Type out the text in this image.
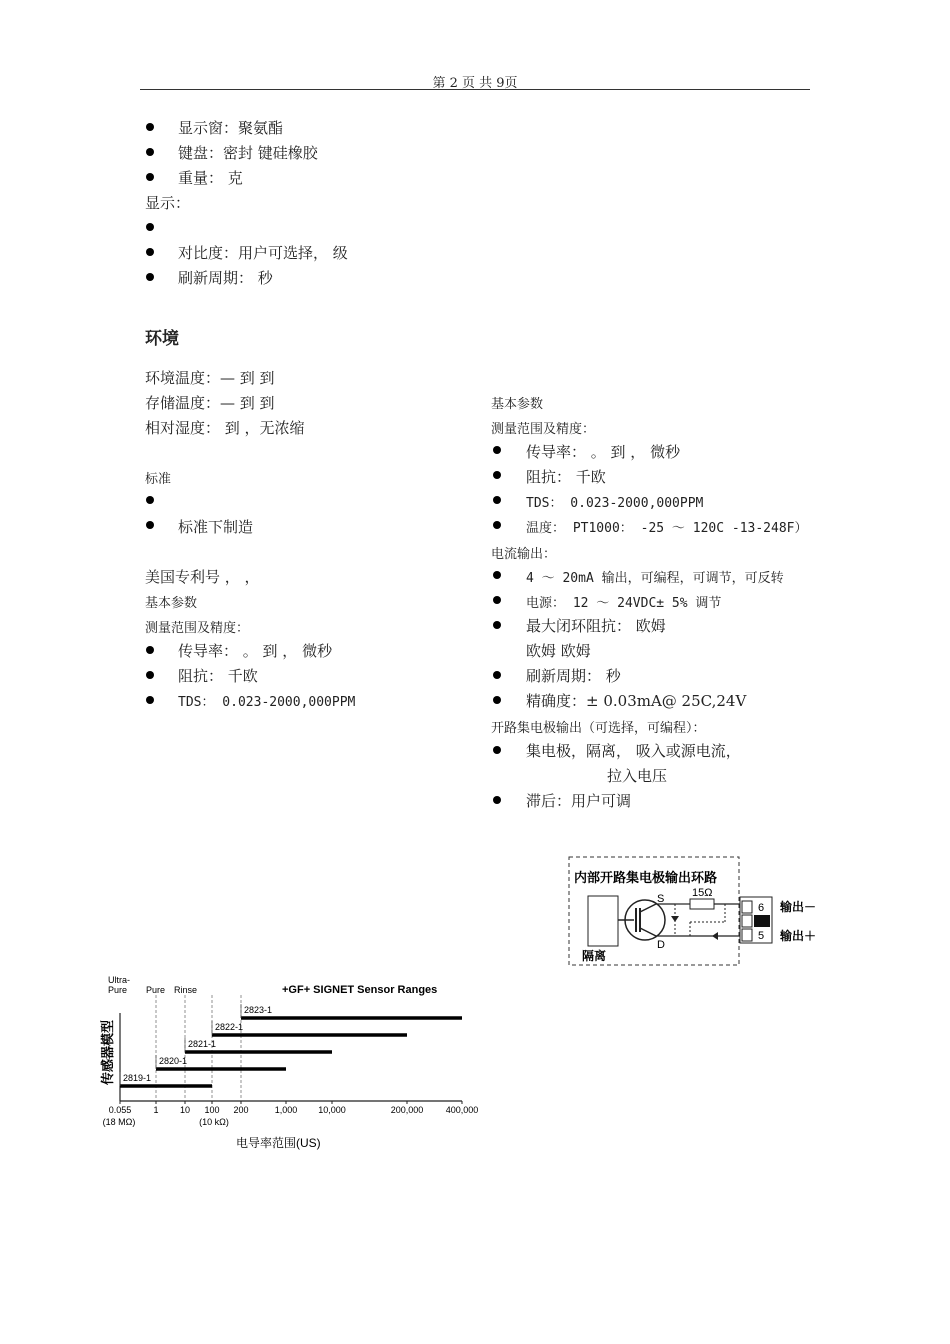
第 2 页 共 9页
显示窗：聚氨酯
键盘：密封 键硅橡胶
重量： 克
显示：
对比度：用户可选择， 级
刷新周期： 秒
环境
环境温度：— 到 到
存储温度：— 到 到
相对湿度： 到 ，无浓缩
标准
标准下制造
美国专利号 ， ，
基本参数
测量范围及精度：
传导率： 。 到 ， 微秒
阻抗： 千欧
TDS： 0.023-2000,000PPM
基本参数
测量范围及精度：
传导率： 。 到 ， 微秒
阻抗： 千欧
TDS： 0.023-2000,000PPM
温度： PT1000： -25 ～ 120C -13-248F）
电流输出：
4 ～ 20mA 输出，可编程，可调节，可反转
电源： 12 ～ 24VDC± 5% 调节
最大闭环阻抗： 欧姆
欧姆 欧姆
刷新周期： 秒
精确度：± 0.03mA@ 25C,24V
开路集电极输出（可选择，可编程）：
集电极，隔离， 吸入或源电流，
拉入电压
滞后：用户可调
内部开路集电极输出环路
隔离
S
D
15Ω
6
5
输出－
输出＋
+GF+ SIGNET Sensor Ranges
传感器模型
电导率范围(US)
Ultra-
Pure Pure Rinse
0.055 1 10 100 200	1,000 10,000	200,000 400,000
(18 MΩ)	(10 kΩ)
2819-1
2820-1
2821-1
2822-1
2823-1
